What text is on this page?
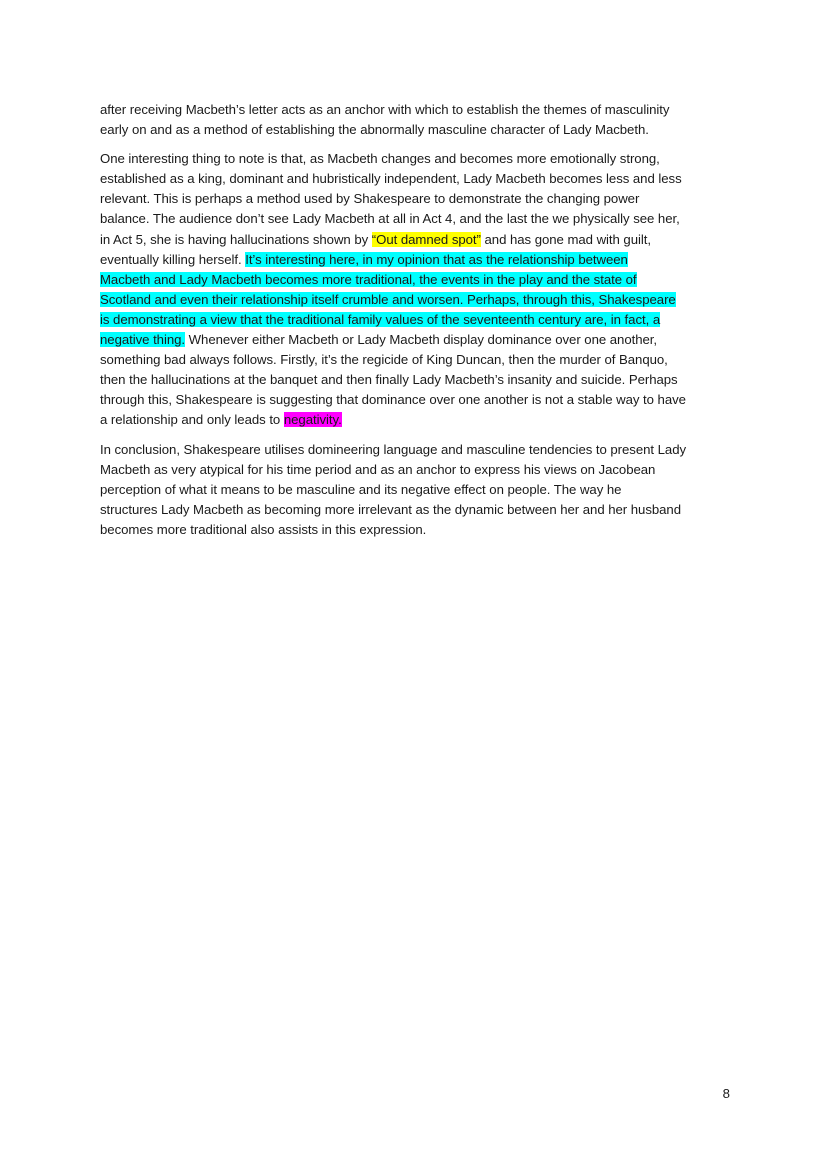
after receiving Macbeth’s letter acts as an anchor with which to establish the themes of masculinity
early on and as a method of establishing the abnormally masculine character of Lady Macbeth.

One interesting thing to note is that, as Macbeth changes and becomes more emotionally strong,
established as a king, dominant and hubristically independent, Lady Macbeth becomes less and less
relevant. This is perhaps a method used by Shakespeare to demonstrate the changing power
balance. The audience don’t see Lady Macbeth at all in Act 4, and the last the we physically see her,
in Act 5, she is having hallucinations shown by “Out damned spot” and has gone mad with guilt,
eventually killing herself. It’s interesting here, in my opinion that as the relationship between
Macbeth and Lady Macbeth becomes more traditional, the events in the play and the state of
Scotland and even their relationship itself crumble and worsen. Perhaps, through this, Shakespeare
is demonstrating a view that the traditional family values of the seventeenth century are, in fact, a
negative thing. Whenever either Macbeth or Lady Macbeth display dominance over one another,
something bad always follows. Firstly, it’s the regicide of King Duncan, then the murder of Banquo,
then the hallucinations at the banquet and then finally Lady Macbeth’s insanity and suicide. Perhaps
through this, Shakespeare is suggesting that dominance over one another is not a stable way to have
a relationship and only leads to negativity.

In conclusion, Shakespeare utilises domineering language and masculine tendencies to present Lady
Macbeth as very atypical for his time period and as an anchor to express his views on Jacobean
perception of what it means to be masculine and its negative effect on people. The way he
structures Lady Macbeth as becoming more irrelevant as the dynamic between her and her husband
becomes more traditional also assists in this expression.

8
